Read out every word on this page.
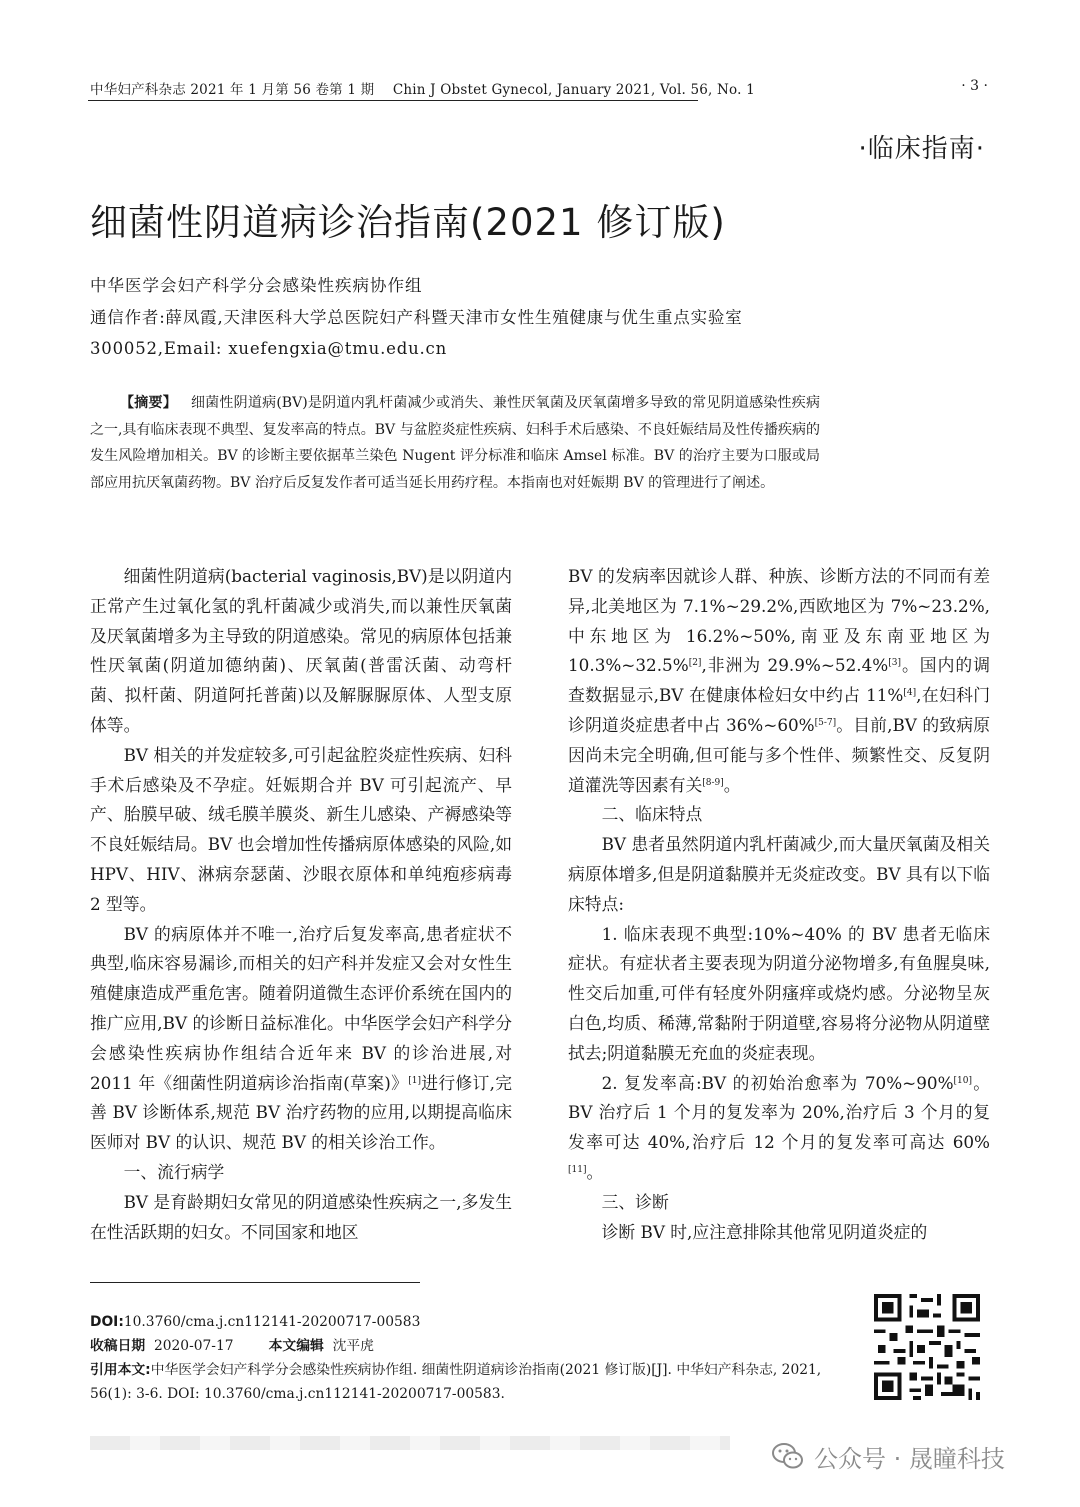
中华妇产科杂志 2021 年 1 月第 56 卷第 1 期 Chin J Obstet Gynecol, January 2021, Vol. 56, No. 1	· 3 ·
·临床指南·
细菌性阴道病诊治指南(2021 修订版)
中华医学会妇产科学分会感染性疾病协作组
通信作者:薛凤霞,天津医科大学总医院妇产科暨天津市女性生殖健康与优生重点实验室 300052,Email: xuefengxia@tmu.edu.cn
【摘要】 细菌性阴道病(BV)是阴道内乳杆菌减少或消失、兼性厌氧菌及厌氧菌增多导致的常见阴道感染性疾病之一,具有临床表现不典型、复发率高的特点。BV 与盆腔炎症性疾病、妇科手术后感染、不良妊娠结局及性传播疾病的发生风险增加相关。BV 的诊断主要依据革兰染色 Nugent 评分标准和临床 Amsel 标准。BV 的治疗主要为口服或局部应用抗厌氧菌药物。BV 治疗后反复发作者可适当延长用药疗程。本指南也对妊娠期 BV 的管理进行了阐述。

细菌性阴道病(bacterial vaginosis,BV)是以阴道内正常产生过氧化氢的乳杆菌减少或消失,而以兼性厌氧菌及厌氧菌增多为主导致的阴道感染。常见的病原体包括兼性厌氧菌(阴道加德纳菌)、厌氧菌(普雷沃菌、动弯杆菌、拟杆菌、阴道阿托普菌)以及解脲脲原体、人型支原体等。

BV 相关的并发症较多,可引起盆腔炎症性疾病、妇科手术后感染及不孕症。妊娠期合并 BV 可引起流产、早产、胎膜早破、绒毛膜羊膜炎、新生儿感染、产褥感染等不良妊娠结局。BV 也会增加性传播病原体感染的风险,如 HPV、HIV、淋病奈瑟菌、沙眼衣原体和单纯疱疹病毒 2 型等。

BV 的病原体并不唯一,治疗后复发率高,患者症状不典型,临床容易漏诊,而相关的妇产科并发症又会对女性生殖健康造成严重危害。随着阴道微生态评价系统在国内的推广应用,BV 的诊断日益标准化。中华医学会妇产科学分会感染性疾病协作组结合近年来 BV 的诊治进展,对 2011 年《细菌性阴道病诊治指南(草案)》[1]进行修订,完善 BV 诊断体系,规范 BV 治疗药物的应用,以期提高临床医师对 BV 的认识、规范 BV 的相关诊治工作。

一、流行病学

BV 是育龄期妇女常见的阴道感染性疾病之一,多发生在性活跃期的妇女。不同国家和地区

BV 的发病率因就诊人群、种族、诊断方法的不同而有差异,北美地区为 7.1%~29.2%,西欧地区为 7%~23.2%,中东地区为 16.2%~50%,南亚及东南亚地区为 10.3%~32.5%[2],非洲为 29.9%~52.4%[3]。国内的调查数据显示,BV 在健康体检妇女中约占 11%[4],在妇科门诊阴道炎症患者中占 36%~60%[5-7]。目前,BV 的致病原因尚未完全明确,但可能与多个性伴、频繁性交、反复阴道灌洗等因素有关[8-9]。

二、临床特点

BV 患者虽然阴道内乳杆菌减少,而大量厌氧菌及相关病原体增多,但是阴道黏膜并无炎症改变。BV 具有以下临床特点:

1. 临床表现不典型:10%~40% 的 BV 患者无临床症状。有症状者主要表现为阴道分泌物增多,有鱼腥臭味,性交后加重,可伴有轻度外阴瘙痒或烧灼感。分泌物呈灰白色,均质、稀薄,常黏附于阴道壁,容易将分泌物从阴道壁拭去;阴道黏膜无充血的炎症表现。

2. 复发率高:BV 的初始治愈率为 70%~90%[10]。BV 治疗后 1 个月的复发率为 20%,治疗后 3 个月的复发率可达 40%,治疗后 12 个月的复发率可高达 60%[11]。

三、诊断

诊断 BV 时,应注意排除其他常见阴道炎症的

DOI:10.3760/cma.j.cn112141-20200717-00583
收稿日期 2020-07-17	本文编辑 沈平虎
引用本文:中华医学会妇产科学分会感染性疾病协作组. 细菌性阴道病诊治指南(2021 修订版)[J]. 中华妇产科杂志, 2021, 56(1): 3-6. DOI: 10.3760/cma.j.cn112141-20200717-00583.
公众号 · 晟瞳科技
